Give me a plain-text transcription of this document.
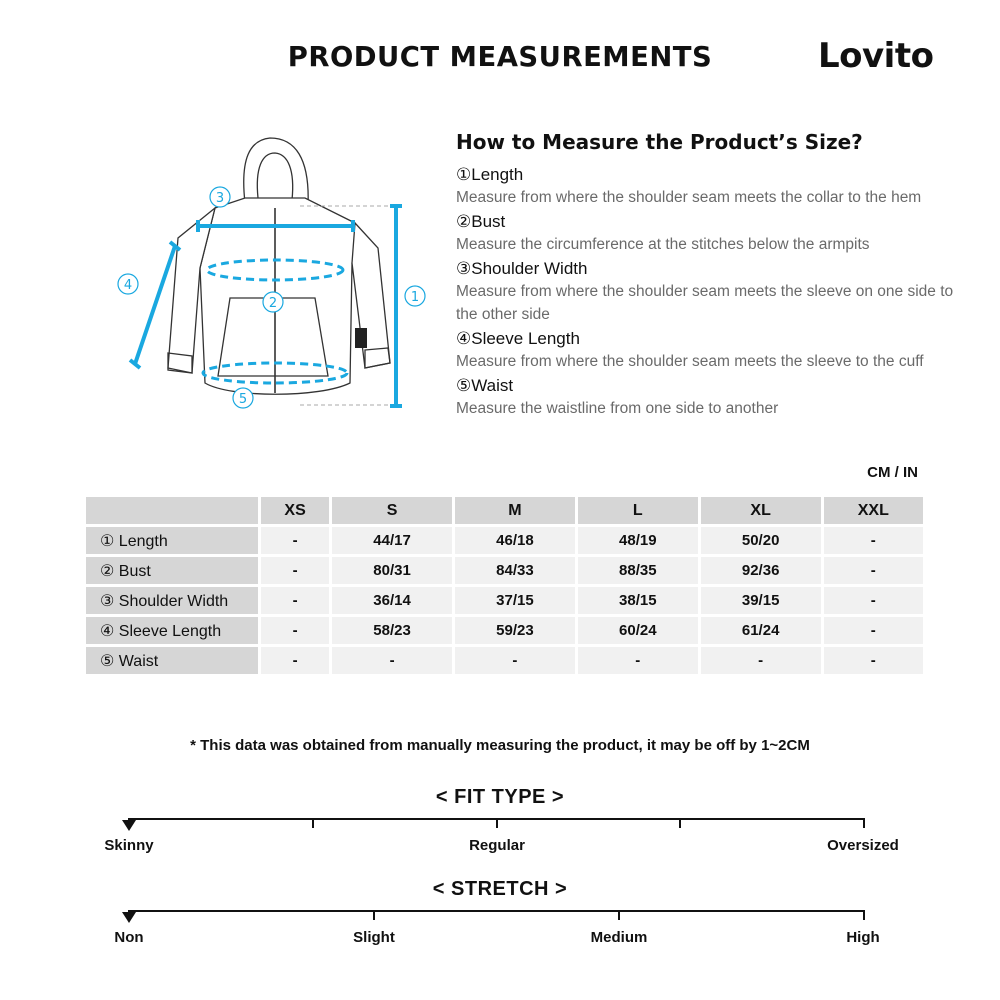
PRODUCT MEASUREMENTS	Lovito
3
2	1
4
5
How to Measure the Product’s Size?
①Length
Measure from where the shoulder seam meets the collar to the hem
②Bust
Measure the circumference at the stitches below the armpits
③Shoulder Width
Measure from where the shoulder seam meets the sleeve on one side to the other side
④Sleeve Length
Measure from where the shoulder seam meets the sleeve to the cuff
⑤Waist
Measure the waistline from one side to another
CM / IN
	XS	S	M	L	XL	XXL
① Length	-	44/17	46/18	48/19	50/20	-
② Bust	-	80/31	84/33	88/35	92/36	-
③ Shoulder Width	-	36/14	37/15	38/15	39/15	-
④ Sleeve Length	-	58/23	59/23	60/24	61/24	-
⑤ Waist	-	-	-	-	-	-
* This data was obtained from manually measuring the product, it may be off by 1~2CM
< FIT TYPE >
Skinny	Regular	Oversized
< STRETCH >
Non	Slight	Medium	High
